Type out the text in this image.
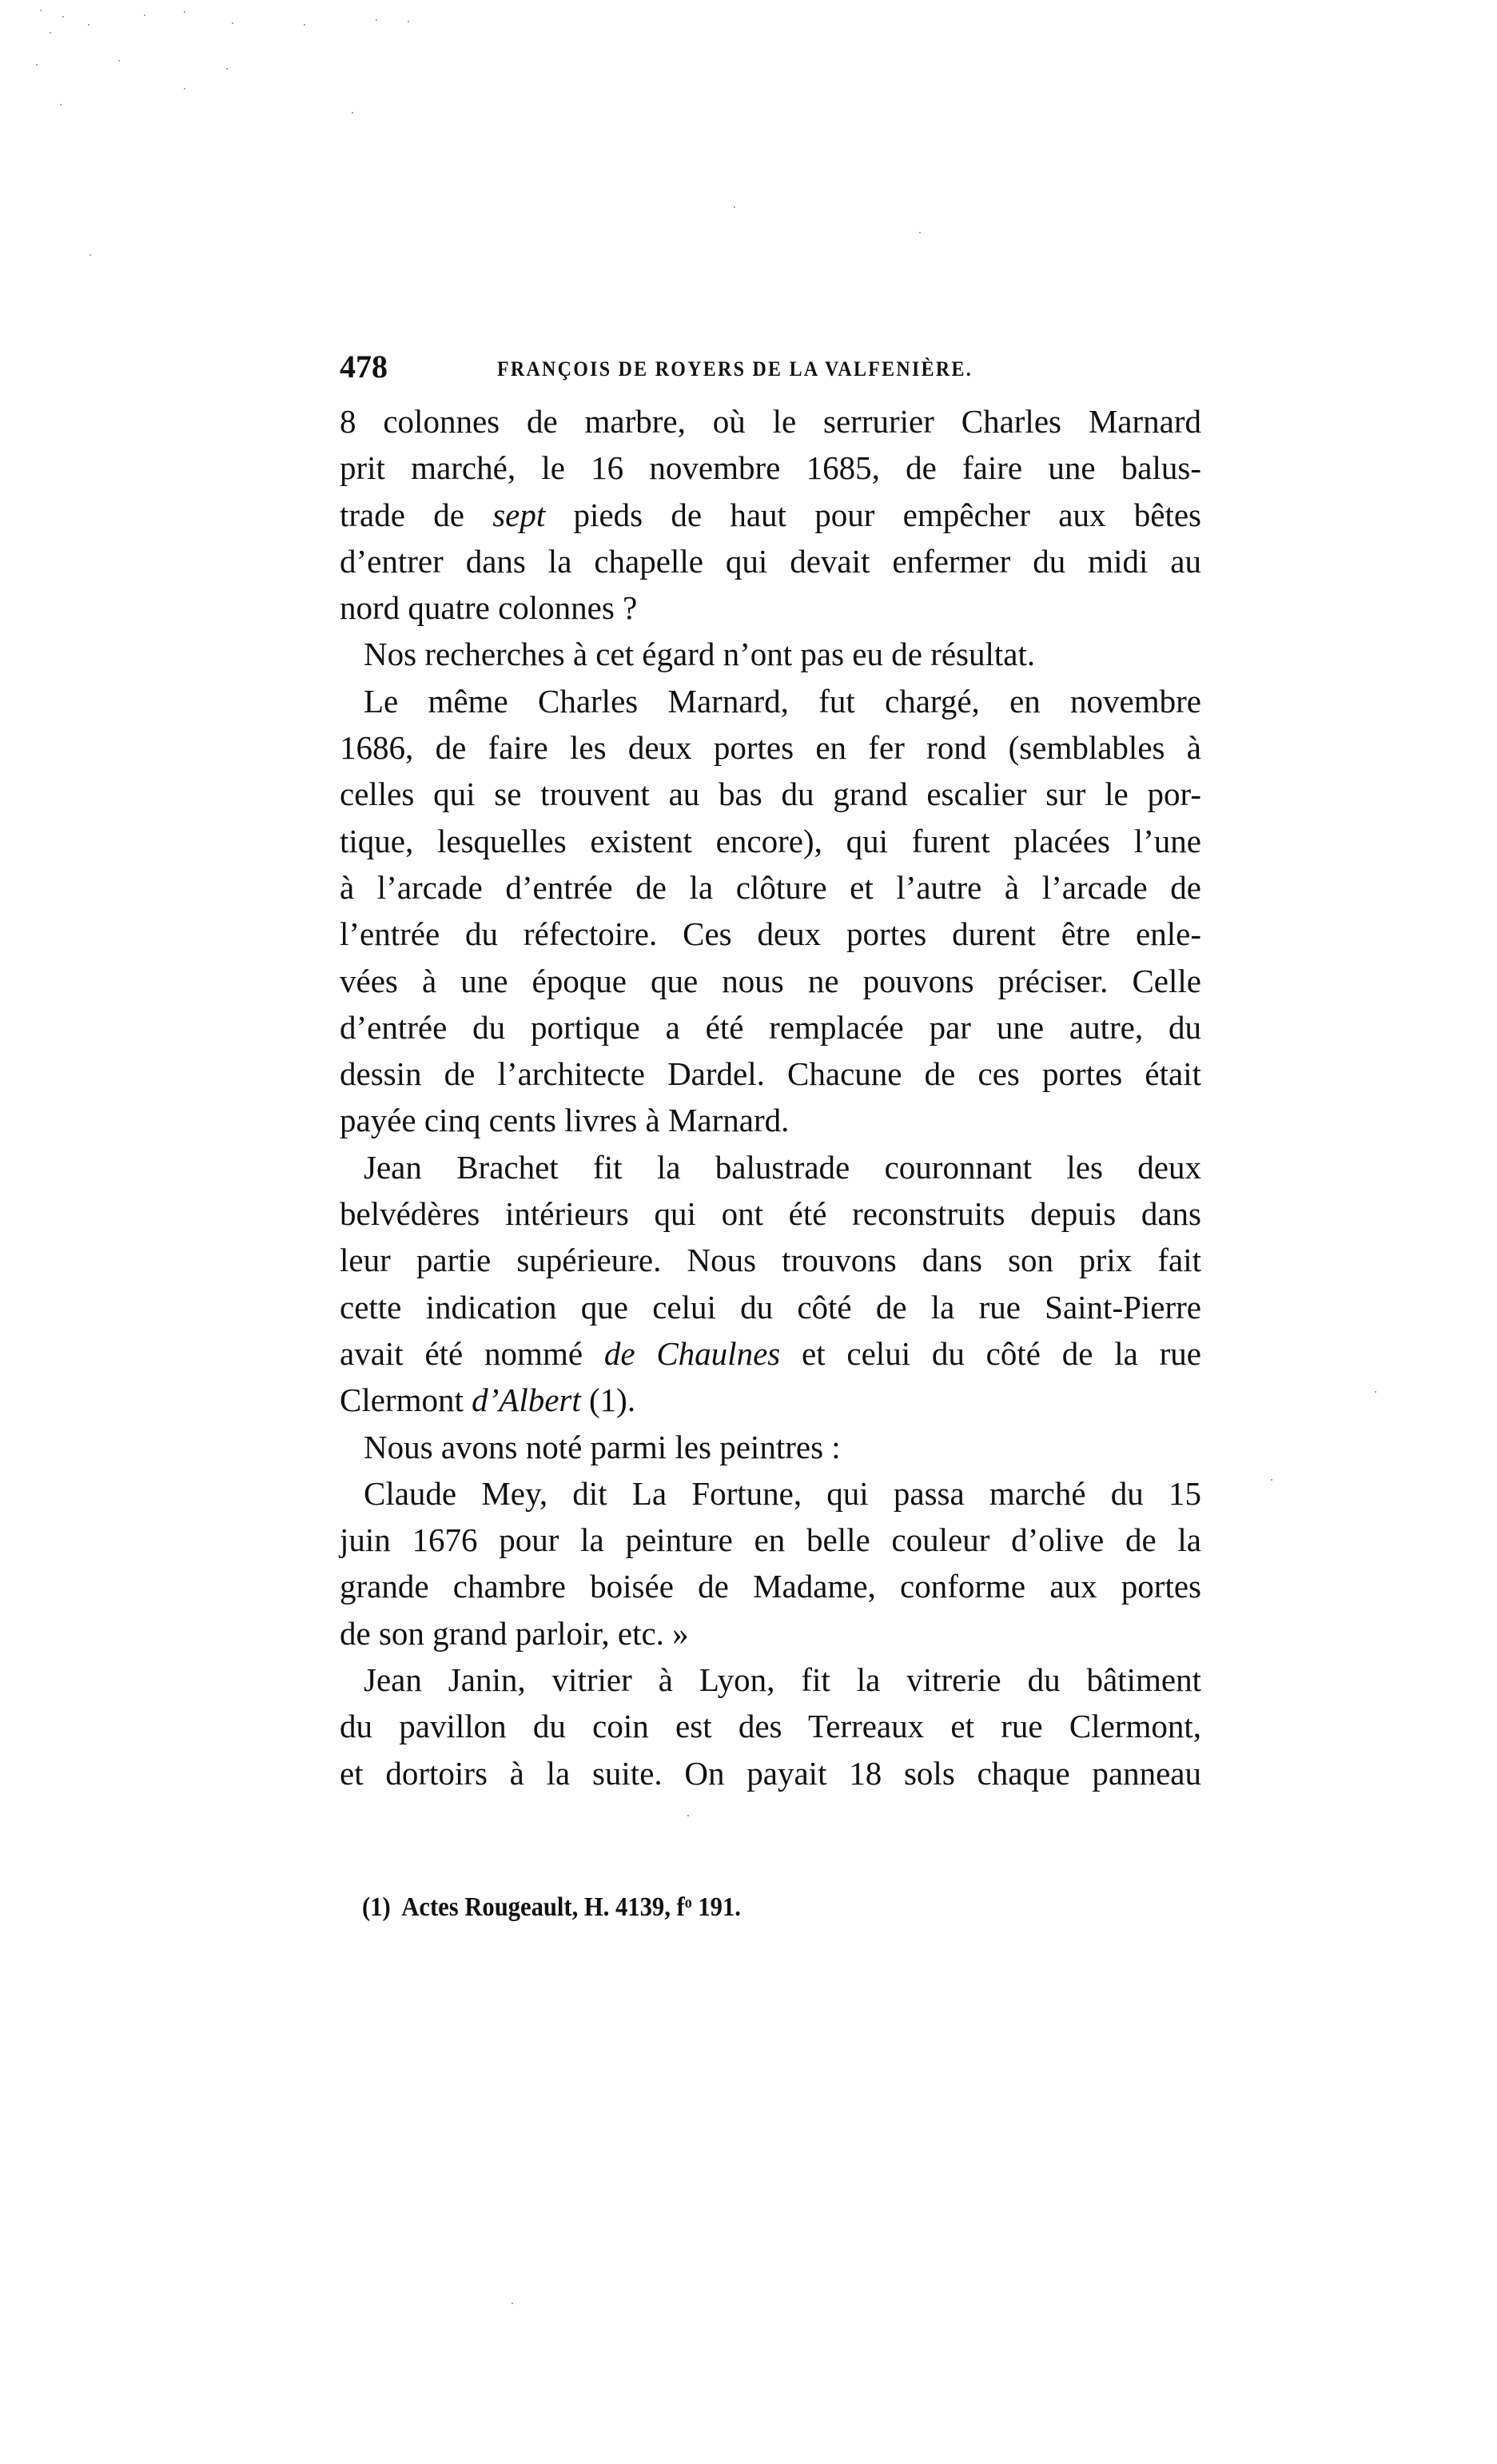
478	FRANÇOIS DE ROYERS DE LA VALFENIÈRE.
8 colonnes de marbre, où le serrurier Charles Marnard
prit marché, le 16 novembre 1685, de faire une balus-
trade de sept pieds de haut pour empêcher aux bêtes
d’entrer dans la chapelle qui devait enfermer du midi au
nord quatre colonnes ?
Nos recherches à cet égard n’ont pas eu de résultat.
Le même Charles Marnard, fut chargé, en novembre
1686, de faire les deux portes en fer rond (semblables à
celles qui se trouvent au bas du grand escalier sur le por-
tique, lesquelles existent encore), qui furent placées l’une
à l’arcade d’entrée de la clôture et l’autre à l’arcade de
l’entrée du réfectoire. Ces deux portes durent être enle-
vées à une époque que nous ne pouvons préciser. Celle
d’entrée du portique a été remplacée par une autre, du
dessin de l’architecte Dardel. Chacune de ces portes était
payée cinq cents livres à Marnard.
Jean Brachet fit la balustrade couronnant les deux
belvédères intérieurs qui ont été reconstruits depuis dans
leur partie supérieure. Nous trouvons dans son prix fait
cette indication que celui du côté de la rue Saint-Pierre
avait été nommé de Chaulnes et celui du côté de la rue
Clermont d’Albert (1).
Nous avons noté parmi les peintres :
Claude Mey, dit La Fortune, qui passa marché du 15
juin 1676 pour la peinture en belle couleur d’olive de la
grande chambre boisée de Madame, conforme aux portes
de son grand parloir, etc. »
Jean Janin, vitrier à Lyon, fit la vitrerie du bâtiment
du pavillon du coin est des Terreaux et rue Clermont,
et dortoirs à la suite. On payait 18 sols chaque panneau
(1) Actes Rougeault, H. 4139, $f^o$ 191.
